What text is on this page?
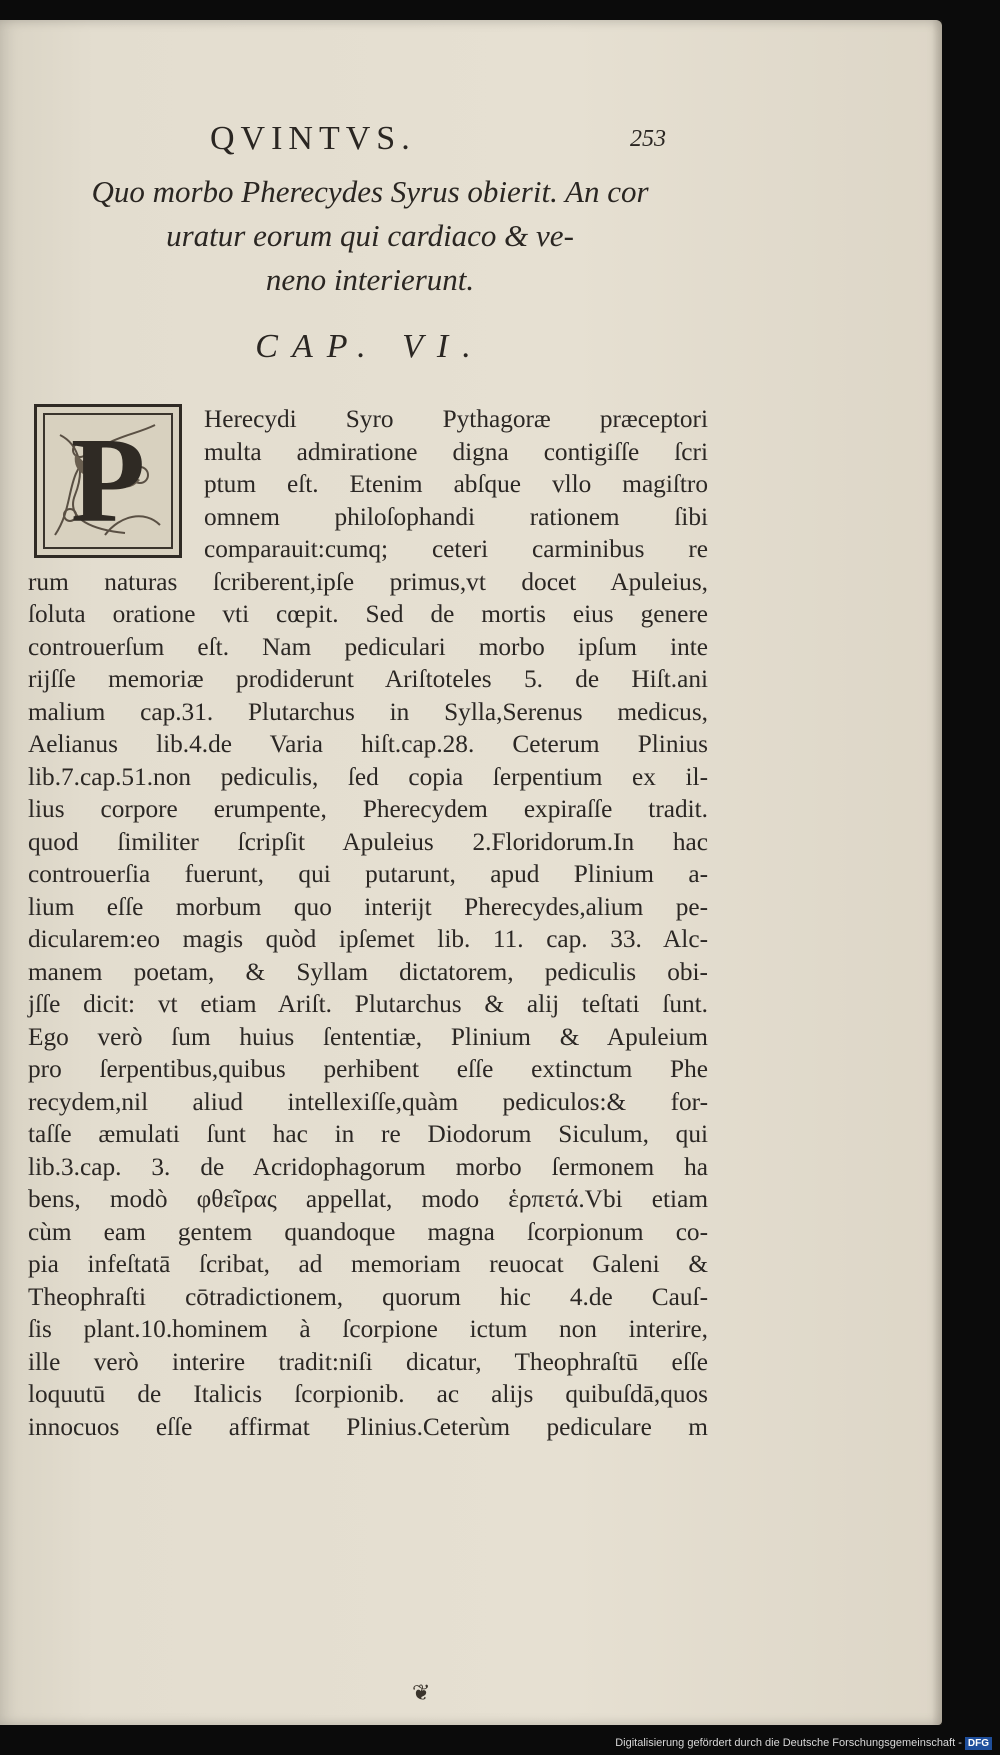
QVINTVS.	253
Quo morbo Pherecydes Syrus obierit. An cor
uratur eorum qui cardiaco & ve-
neno interierunt.
CAP. VI.
P	Herecydi Syro Pythagoræ præceptori
multa admiratione digna contigiſſe ſcri
ptum eſt. Etenim abſque vllo magiſtro
omnem philoſophandi rationem ſibi
comparauit:cumq; ceteri carminibus re
rum naturas ſcriberent,ipſe primus,vt docet Apuleius,
ſoluta oratione vti cœpit. Sed de mortis eius genere
controuerſum eſt. Nam pediculari morbo ipſum inte
rijſſe memoriæ prodiderunt Ariſtoteles 5. de Hiſt.ani
malium cap.31. Plutarchus in Sylla,Serenus medicus,
Aelianus lib.4.de Varia hiſt.cap.28. Ceterum Plinius
lib.7.cap.51.non pediculis, ſed copia ſerpentium ex il-
lius corpore erumpente, Pherecydem expiraſſe tradit.
quod ſimiliter ſcripſit Apuleius 2.Floridorum.In hac
controuerſia fuerunt, qui putarunt, apud Plinium a-
lium eſſe morbum quo interijt Pherecydes,alium pe-
dicularem:eo magis quòd ipſemet lib. 11. cap. 33. Alc-
manem poetam, & Syllam dictatorem, pediculis obi-
jſſe dicit: vt etiam Ariſt. Plutarchus & alij teſtati ſunt.
Ego verò ſum huius ſententiæ, Plinium & Apuleium
pro ſerpentibus,quibus perhibent eſſe extinctum Phe
recydem,nil aliud intellexiſſe,quàm pediculos:& for-
taſſe æmulati ſunt hac in re Diodorum Siculum, qui
lib.3.cap. 3. de Acridophagorum morbo ſermonem ha
bens, modò φθεῖρας appellat, modo ἑρπετά.Vbi etiam
cùm eam gentem quandoque magna ſcorpionum co-
pia infeſtatā ſcribat, ad memoriam reuocat Galeni &
Theophraſti cōtradictionem, quorum hic 4.de Cauſ-
ſis plant.10.hominem à ſcorpione ictum non interire,
ille verò interire tradit:niſi dicatur, Theophraſtū eſſe
loquutū de Italicis ſcorpionib. ac alijs quibuſdā,quos
innocuos eſſe affirmat Plinius.Ceterùm pediculare m
❦
Digitalisierung gefördert durch die Deutsche Forschungsgemeinschaft - DFG
